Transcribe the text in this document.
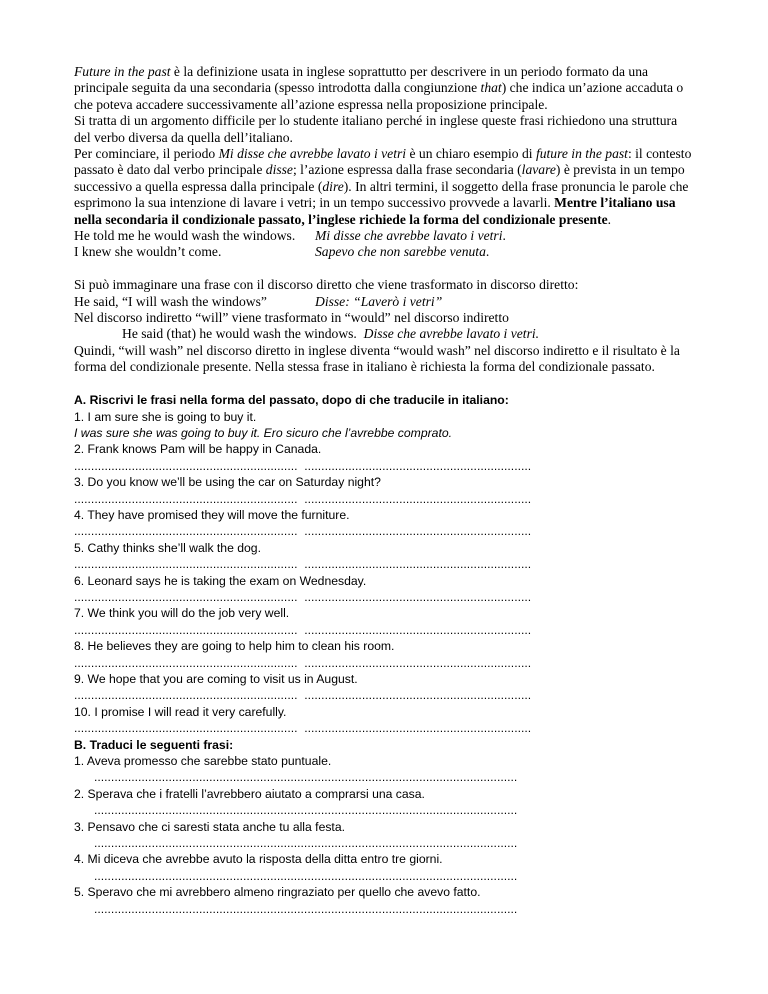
Future in the past è la definizione usata in inglese soprattutto per descrivere in un periodo formato da una principale seguita da una secondaria (spesso introdotta dalla congiunzione that) che indica un’azione accaduta o che poteva accadere successivamente all’azione espressa nella proposizione principale.

Si tratta di un argomento difficile per lo studente italiano perché in inglese queste frasi richiedono una struttura del verbo diversa da quella dell’italiano.

Per cominciare, il periodo Mi disse che avrebbe lavato i vetri è un chiaro esempio di future in the past: il contesto passato è dato dal verbo principale disse; l’azione espressa dalla frase secondaria (lavare) è prevista in un tempo successivo a quella espressa dalla principale (dire). In altri termini, il soggetto della frase pronuncia le parole che esprimono la sua intenzione di lavare i vetri; in un tempo successivo provvede a lavarli. Mentre l’italiano usa nella secondaria il condizionale passato, l’inglese richiede la forma del condizionale presente.

He told me he would wash the windows.	Mi disse che avrebbe lavato i vetri.
I knew she wouldn’t come.	Sapevo che non sarebbe venuta.

Si può immaginare una frase con il discorso diretto che viene trasformato in discorso diretto:

He said, “I will wash the windows”	Disse: “Laverò i vetri”

Nel discorso indiretto “will” viene trasformato in “would” nel discorso indiretto

He said (that) he would wash the windows.  Disse che avrebbe lavato i vetri.

Quindi, “will wash” nel discorso diretto in inglese diventa “would wash” nel discorso indiretto e il risultato è la forma del condizionale presente. Nella stessa frase in italiano è richiesta la forma del condizionale passato.

A. Riscrivi le frasi nella forma del passato, dopo di che traducile in italiano:

1. I am sure she is going to buy it.

I was sure she was going to buy it. Ero sicuro che l’avrebbe comprato.

2. Frank knows Pam will be happy in Canada.

..................................................................  ...................................................................

3. Do you know we’ll be using the car on Saturday night?

..................................................................  ...................................................................

4. They have promised they will move the furniture.

..................................................................  ...................................................................

5. Cathy thinks she’ll walk the dog.

..................................................................  ...................................................................

6. Leonard says he is taking the exam on Wednesday.

..................................................................  ...................................................................

7. We think you will do the job very well.

..................................................................  ...................................................................

8. He believes they are going to help him to clean his room.

..................................................................  ...................................................................

9. We hope that you are coming to visit us in August.

..................................................................  ...................................................................

10. I promise I will read it very carefully.

..................................................................  ...................................................................

B. Traduci le seguenti frasi:

1. Aveva promesso che sarebbe stato puntuale.

.............................................................................................................................

2. Sperava che i fratelli l’avrebbero aiutato a comprarsi una casa.

.............................................................................................................................

3. Pensavo che ci saresti stata anche tu alla festa.

.............................................................................................................................

4. Mi diceva che avrebbe avuto la risposta della ditta entro tre giorni.

.............................................................................................................................

5. Speravo che mi avrebbero almeno ringraziato per quello che avevo fatto.

.............................................................................................................................
